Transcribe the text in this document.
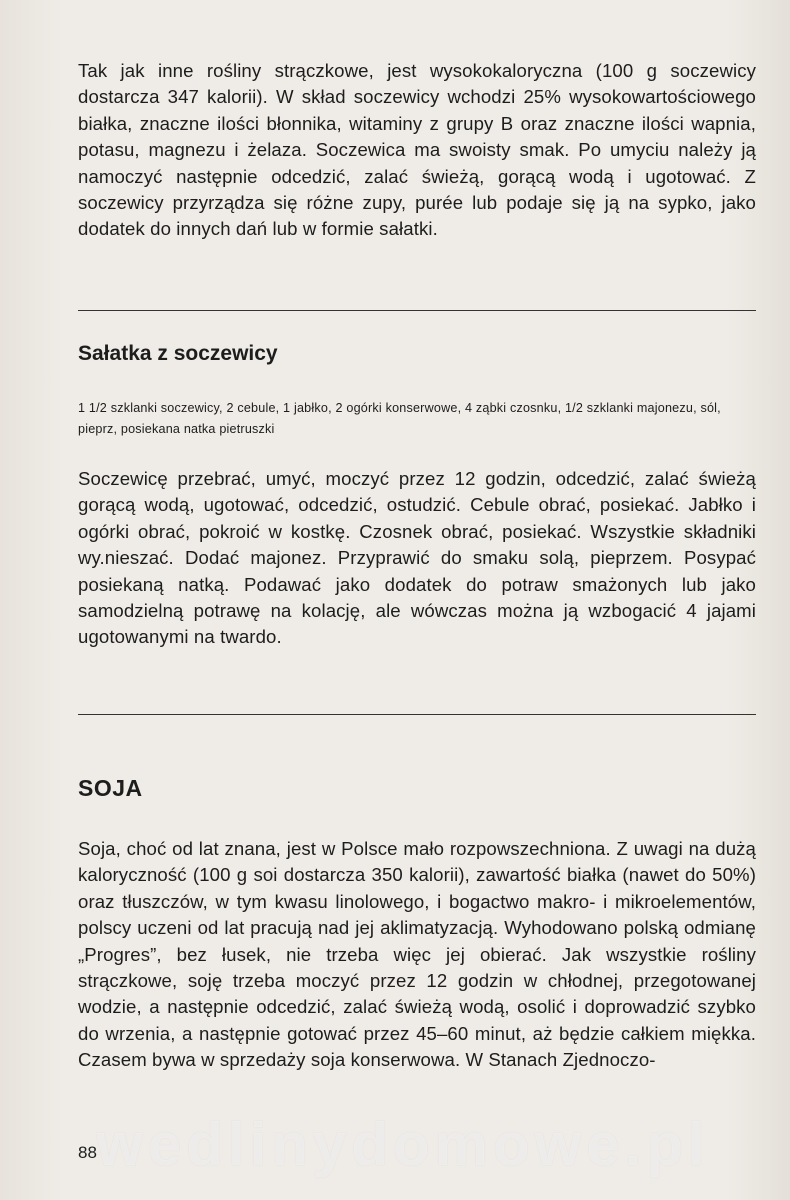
Tak jak inne rośliny strączkowe, jest wysokokaloryczna (100 g soczewicy dostarcza 347 kalorii). W skład soczewicy wchodzi 25% wysokowartościowego białka, znaczne ilości błonnika, witaminy z grupy B oraz znaczne ilości wapnia, potasu, magnezu i żelaza. Soczewica ma swoisty smak. Po umyciu należy ją namoczyć następnie odcedzić, zalać świeżą, gorącą wodą i ugotować. Z soczewicy przyrządza się różne zupy, purée lub podaje się ją na sypko, jako dodatek do innych dań lub w formie sałatki.

Sałatka z soczewicy

1 1/2 szklanki soczewicy, 2 cebule, 1 jabłko, 2 ogórki konserwowe, 4 ząbki czosnku, 1/2 szklanki majonezu, sól, pieprz, posiekana natka pietruszki

Soczewicę przebrać, umyć, moczyć przez 12 godzin, odcedzić, zalać świeżą gorącą wodą, ugotować, odcedzić, ostudzić. Cebule obrać, posiekać. Jabłko i ogórki obrać, pokroić w kostkę. Czosnek obrać, posiekać. Wszystkie składniki wy.nieszać. Dodać majonez. Przyprawić do smaku solą, pieprzem. Posypać posiekaną natką. Podawać jako dodatek do potraw smażonych lub jako samodzielną potrawę na kolację, ale wówczas można ją wzbogacić 4 jajami ugotowanymi na twardo.

SOJA

Soja, choć od lat znana, jest w Polsce mało rozpowszechniona. Z uwagi na dużą kaloryczność (100 g soi dostarcza 350 kalorii), zawartość białka (nawet do 50%) oraz tłuszczów, w tym kwasu linolowego, i bogactwo makro- i mikroelementów, polscy uczeni od lat pracują nad jej aklimatyzacją. Wyhodowano polską odmianę „Progres”, bez łusek, nie trzeba więc jej obierać. Jak wszystkie rośliny strączkowe, soję trzeba moczyć przez 12 godzin w chłodnej, przegotowanej wodzie, a następnie odcedzić, zalać świeżą wodą, osolić i doprowadzić szybko do wrzenia, a następnie gotować przez 45–60 minut, aż będzie całkiem miękka. Czasem bywa w sprzedaży soja konserwowa. W Stanach Zjednoczo-

wedlinydomowe.pl

88
